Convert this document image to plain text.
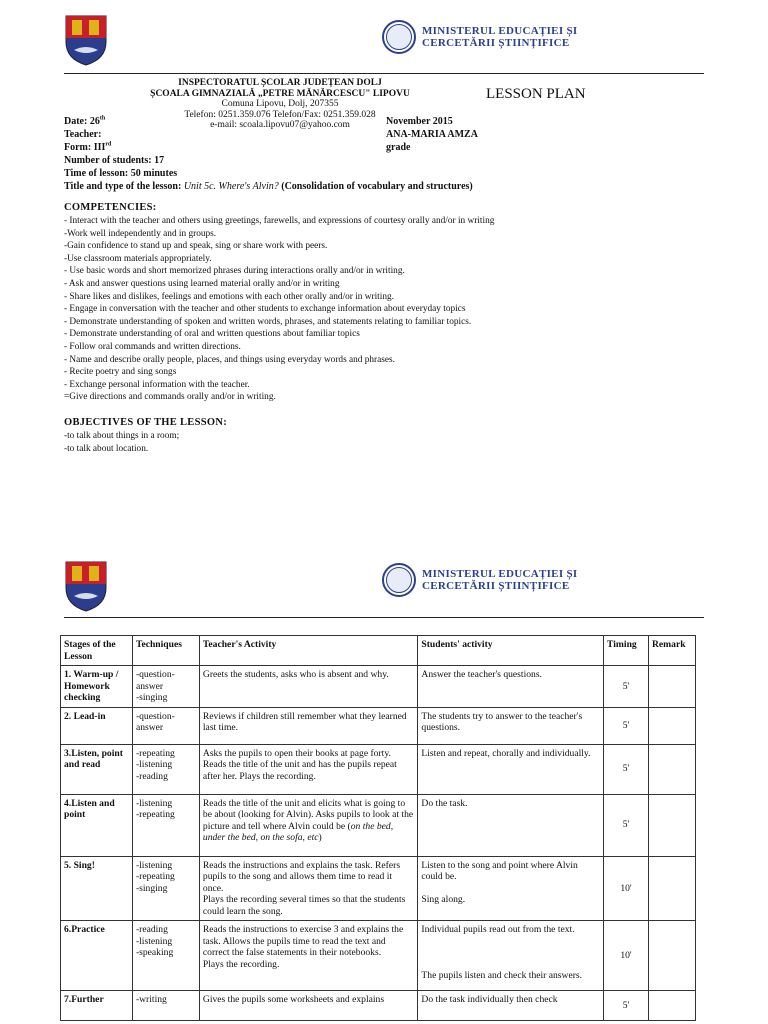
MINISTERUL EDUCAȚIEI ȘI
CERCETĂRII ȘTIINȚIFICE
INSPECTORATUL ȘCOLAR JUDEȚEAN DOLJ
ȘCOALA GIMNAZIALĂ „PETRE MĂNĂRCESCU" LIPOVU
Comuna Lipovu, Dolj, 207355
Telefon: 0251.359.076 Telefon/Fax: 0251.359.028
e-mail: scoala.lipovu07@yahoo.com
LESSON PLAN
Date: 26th	November 2015
Teacher:	ANA-MARIA AMZA
Form: IIIrd	grade
Number of students: 17
Time of lesson: 50 minutes
Title and type of the lesson: Unit 5c. Where's Alvin? (Consolidation of vocabulary and structures)
COMPETENCIES:
- Interact with the teacher and others using greetings, farewells, and expressions of courtesy orally and/or in writing
-Work well independently and in groups.
-Gain confidence to stand up and speak, sing or share work with peers.
-Use classroom materials appropriately.
- Use basic words and short memorized phrases during interactions orally and/or in writing.
- Ask and answer questions using learned material orally and/or in writing
- Share likes and dislikes, feelings and emotions with each other orally and/or in writing.
- Engage in conversation with the teacher and other students to exchange information about everyday topics
- Demonstrate understanding of spoken and written words, phrases, and statements relating to familiar topics.
- Demonstrate understanding of oral and written questions about familiar topics
- Follow oral commands and written directions.
- Name and describe orally people, places, and things using everyday words and phrases.
- Recite poetry and sing songs
- Exchange personal information with the teacher.
=Give directions and commands orally and/or in writing.
OBJECTIVES OF THE LESSON:
-to talk about things in a room;
-to talk about location.
MINISTERUL EDUCAȚIEI ȘI
CERCETĂRII ȘTIINȚIFICE
Stages of the Lesson	Techniques	Teacher's Activity	Students' activity	Timing	Remark
1. Warm-up / Homework checking	-question-answer
-singing	Greets the students, asks who is absent and why.	Answer the teacher's questions.	5'	
2. Lead-in	-question-answer	Reviews if children still remember what they learned last time.	The students try to answer to the teacher's questions.	5'	
3.Listen, point and read	-repeating
-listening
-reading	Asks the pupils to open their books at page forty. Reads the title of the unit and has the pupils repeat after her. Plays the recording.	Listen and repeat, chorally and individually.	5'	
4.Listen and point	-listening
-repeating	Reads the title of the unit and elicits what is going to be about (looking for Alvin). Asks pupils to look at the picture and tell where Alvin could be (on the bed, under the bed, on the sofa, etc)	Do the task.	5'	
5. Sing!	-listening
-repeating
-singing	Reads the instructions and explains the task. Refers pupils to the song and allows them time to read it once.
Plays the recording several times so that the students could learn the song.	Listen to the song and point where Alvin could be.

Sing along.	10'	
6.Practice	-reading
-listening
-speaking	Reads the instructions to exercise 3 and explains the task. Allows the pupils time to read the text and correct the false statements in their notebooks.
Plays the recording.	Individual pupils read out from the text.

The pupils listen and check their answers.	10'	
7.Further	-writing	Gives the pupils some worksheets and explains	Do the task individually then check	5'	
